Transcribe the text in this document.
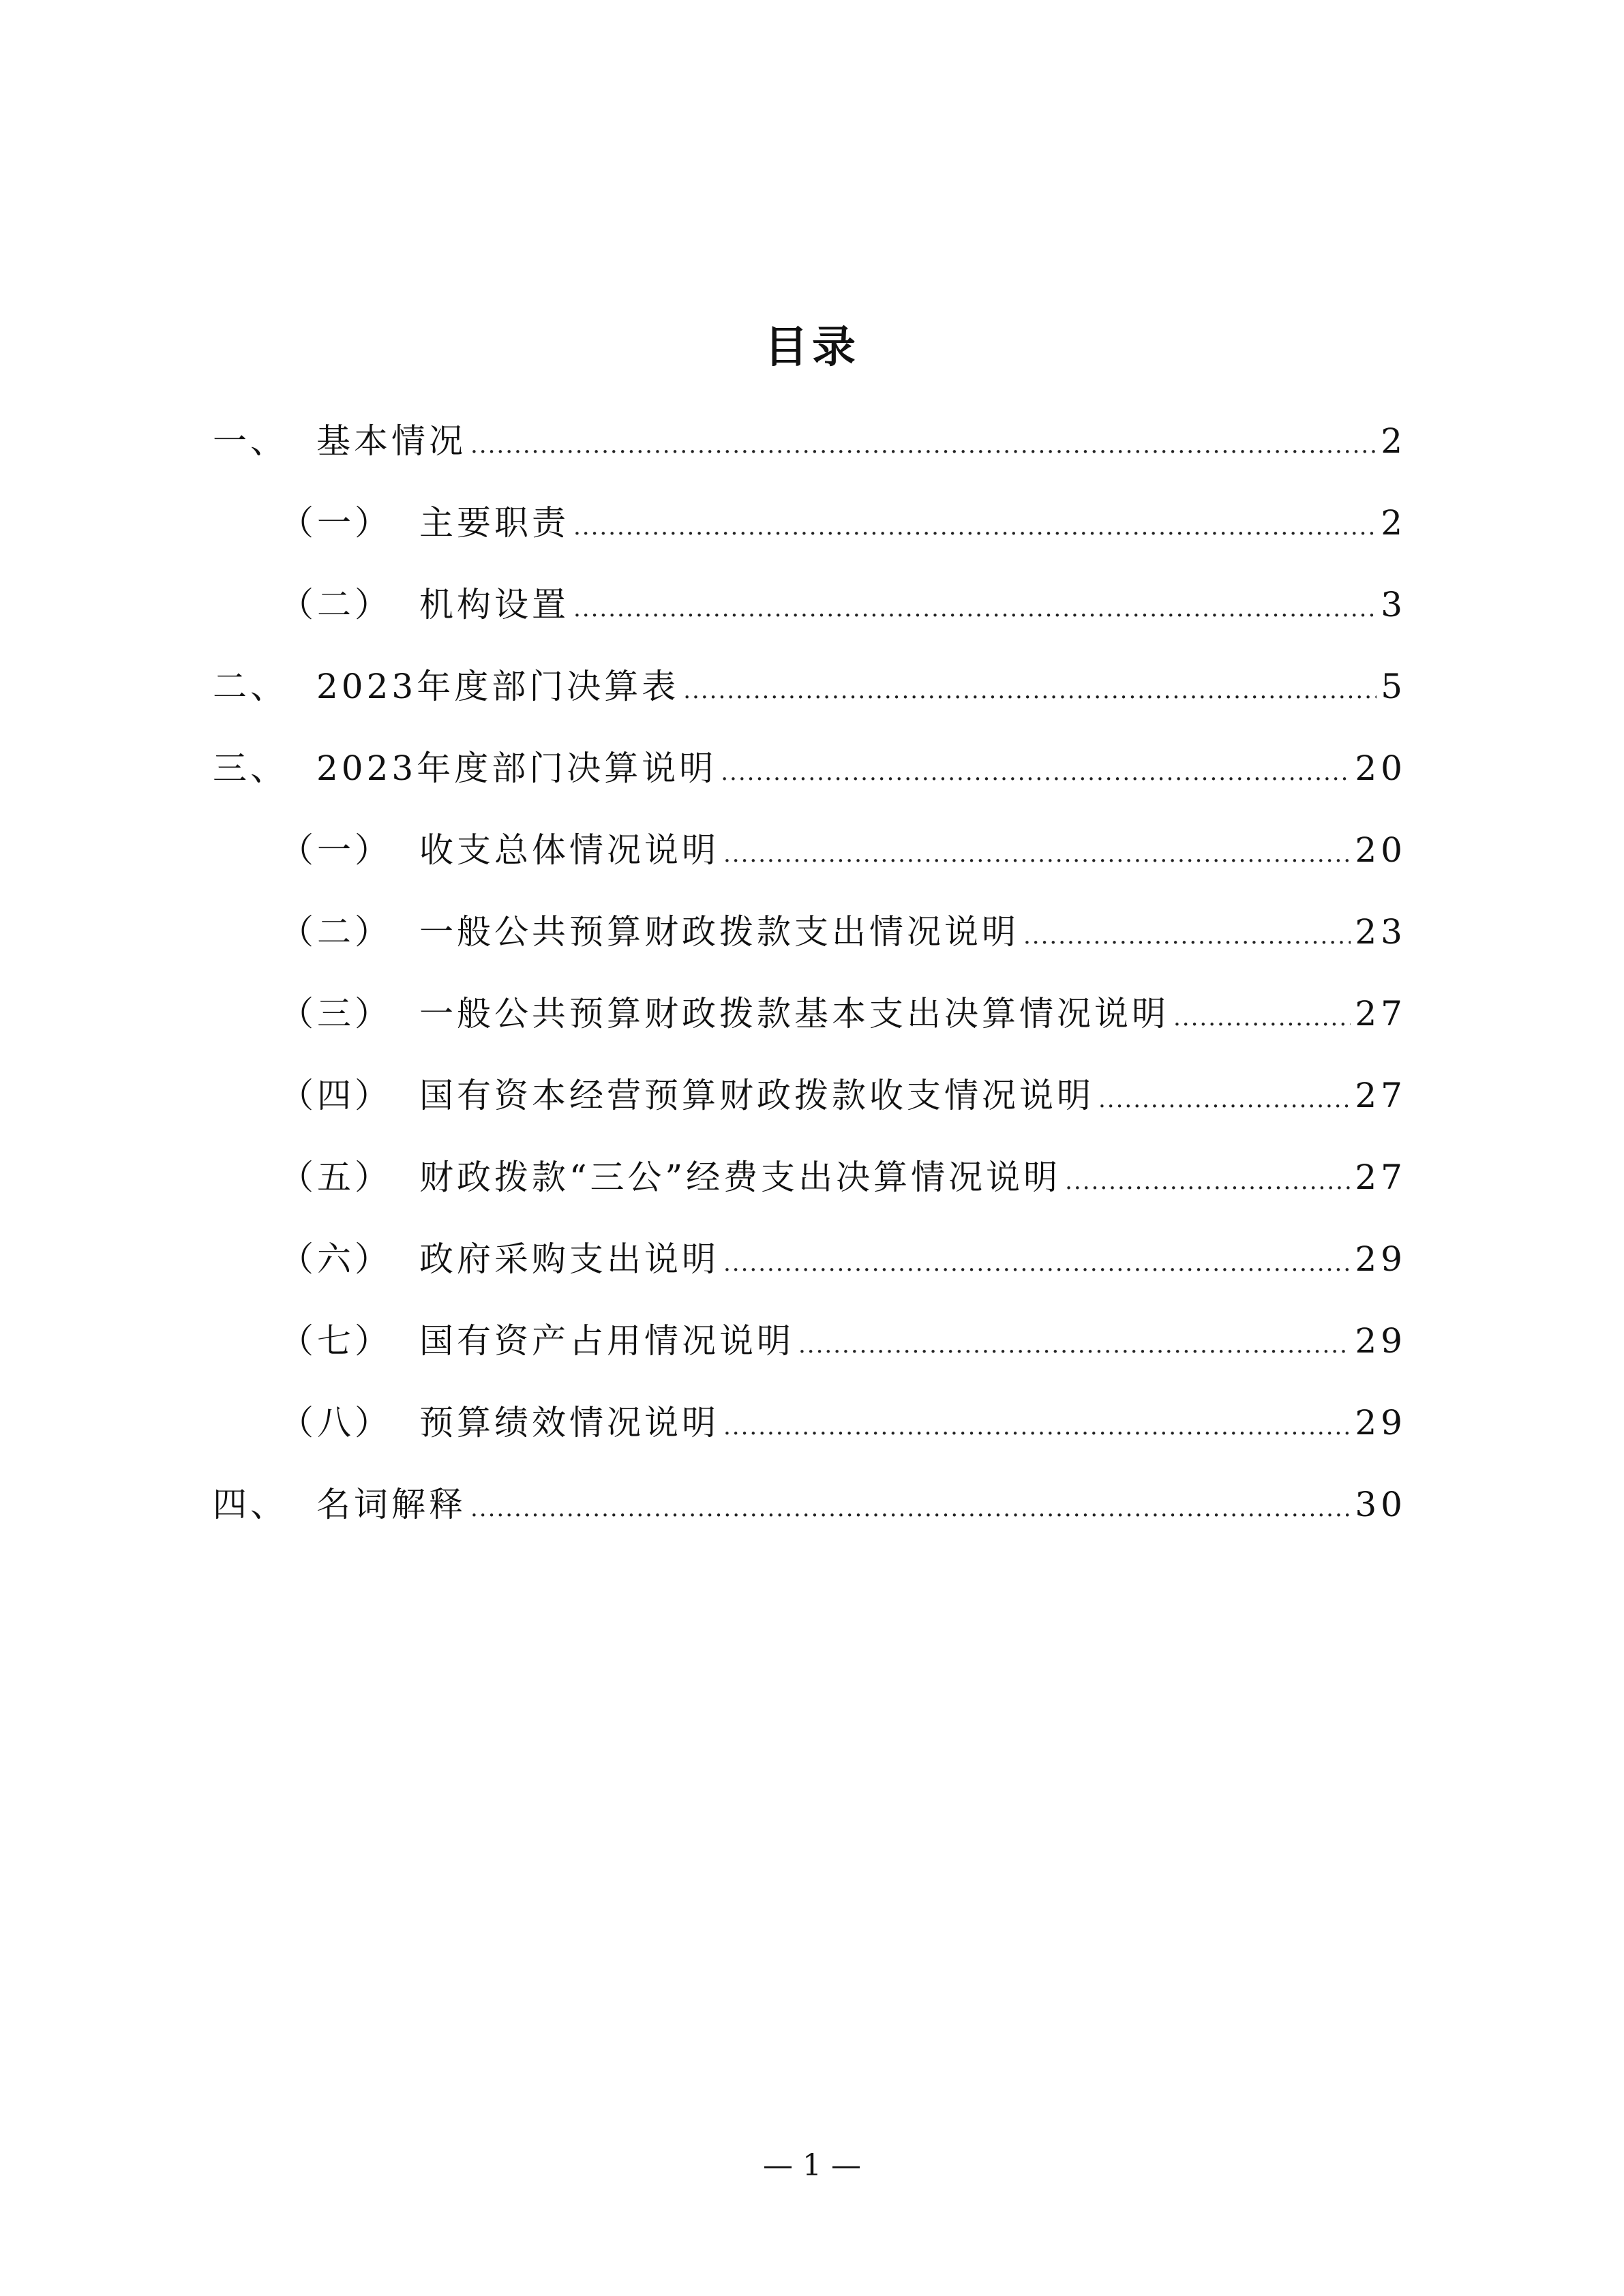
目录
一、 基本情况 .....	2
（一） 主要职责 .....	2
（二） 机构设置 .....	3
二、 2023年度部门决算表 .....	5
三、 2023年度部门决算说明 .....	20
（一） 收支总体情况说明 .....	20
（二） 一般公共预算财政拨款支出情况说明 .....	23
（三） 一般公共预算财政拨款基本支出决算情况说明 .....	27
（四） 国有资本经营预算财政拨款收支情况说明 .....	27
（五） 财政拨款“三公”经费支出决算情况说明 .....	27
（六） 政府采购支出说明 .....	29
（七） 国有资产占用情况说明 .....	29
（八） 预算绩效情况说明 .....	29
四、 名词解释 .....	30
— 1 —
